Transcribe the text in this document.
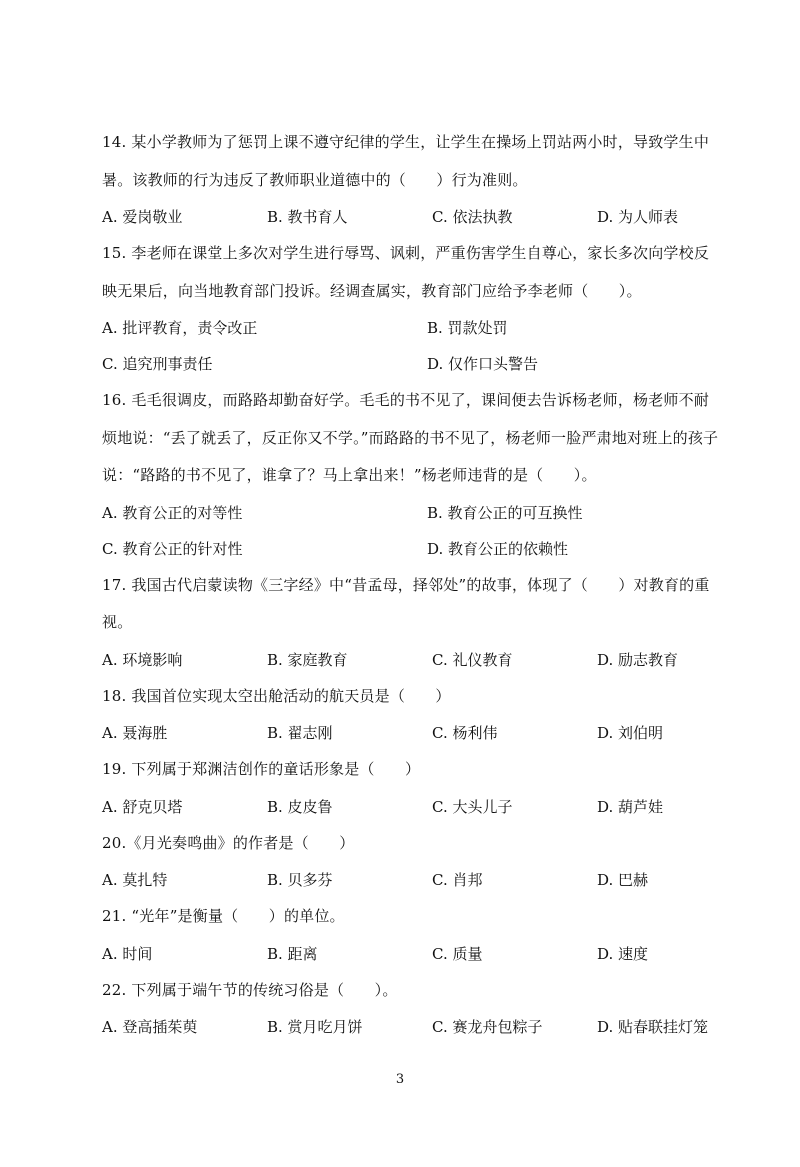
14. 某小学教师为了惩罚上课不遵守纪律的学生，让学生在操场上罚站两小时，导致学生中暑。该教师的行为违反了教师职业道德中的（　　）行为准则。

A. 爱岗敬业	B. 教书育人	C. 依法执教	D. 为人师表

15. 李老师在课堂上多次对学生进行辱骂、讽刺，严重伤害学生自尊心，家长多次向学校反映无果后，向当地教育部门投诉。经调查属实，教育部门应给予李老师（　　）。

A. 批评教育，责令改正	B. 罚款处罚
C. 追究刑事责任	D. 仅作口头警告

16. 毛毛很调皮，而路路却勤奋好学。毛毛的书不见了，课间便去告诉杨老师，杨老师不耐烦地说：“丢了就丢了，反正你又不学。”而路路的书不见了，杨老师一脸严肃地对班上的孩子说：“路路的书不见了，谁拿了？马上拿出来！”杨老师违背的是（　　）。

A. 教育公正的对等性	B. 教育公正的可互换性
C. 教育公正的针对性	D. 教育公正的依赖性

17. 我国古代启蒙读物《三字经》中“昔孟母，择邻处”的故事，体现了（　　）对教育的重视。

A. 环境影响	B. 家庭教育	C. 礼仪教育	D. 励志教育

18. 我国首位实现太空出舱活动的航天员是（　　）

A. 聂海胜	B. 翟志刚	C. 杨利伟	D. 刘伯明

19. 下列属于郑渊洁创作的童话形象是（　　）

A. 舒克贝塔	B. 皮皮鲁	C. 大头儿子	D. 葫芦娃

20.《月光奏鸣曲》的作者是（　　）

A. 莫扎特	B. 贝多芬	C. 肖邦	D. 巴赫

21. “光年”是衡量（　　）的单位。

A. 时间	B. 距离	C. 质量	D. 速度

22. 下列属于端午节的传统习俗是（　　）。

A. 登高插茱萸	B. 赏月吃月饼	C. 赛龙舟包粽子	D. 贴春联挂灯笼
3
